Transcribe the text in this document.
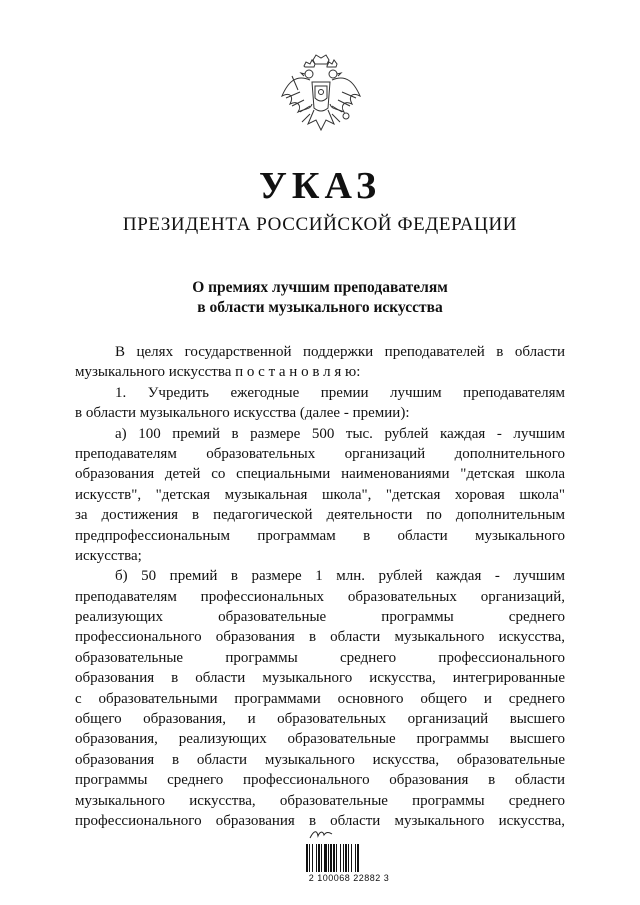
УКАЗ
ПРЕЗИДЕНТА РОССИЙСКОЙ ФЕДЕРАЦИИ
О премиях лучшим преподавателям
в области музыкального искусства
В целях государственной поддержки преподавателей в области
музыкального искусства п о с т а н о в л я ю:
1. Учредить ежегодные премии лучшим преподавателям
в области музыкального искусства (далее - премии):
а) 100 премий в размере 500 тыс. рублей каждая - лучшим
преподавателям образовательных организаций дополнительного
образования детей со специальными наименованиями "детская школа
искусств", "детская музыкальная школа", "детская хоровая школа"
за достижения в педагогической деятельности по дополнительным
предпрофессиональным программам в области музыкального
искусства;
б) 50 премий в размере 1 млн. рублей каждая - лучшим
преподавателям профессиональных образовательных организаций,
реализующих образовательные программы среднего
профессионального образования в области музыкального искусства,
образовательные программы среднего профессионального
образования в области музыкального искусства, интегрированные
с образовательными программами основного общего и среднего
общего образования, и образовательных организаций высшего
образования, реализующих образовательные программы высшего
образования в области музыкального искусства, образовательные
программы среднего профессионального образования в области
музыкального искусства, образовательные программы среднего
профессионального образования в области музыкального искусства,
2 100068 22882 3
